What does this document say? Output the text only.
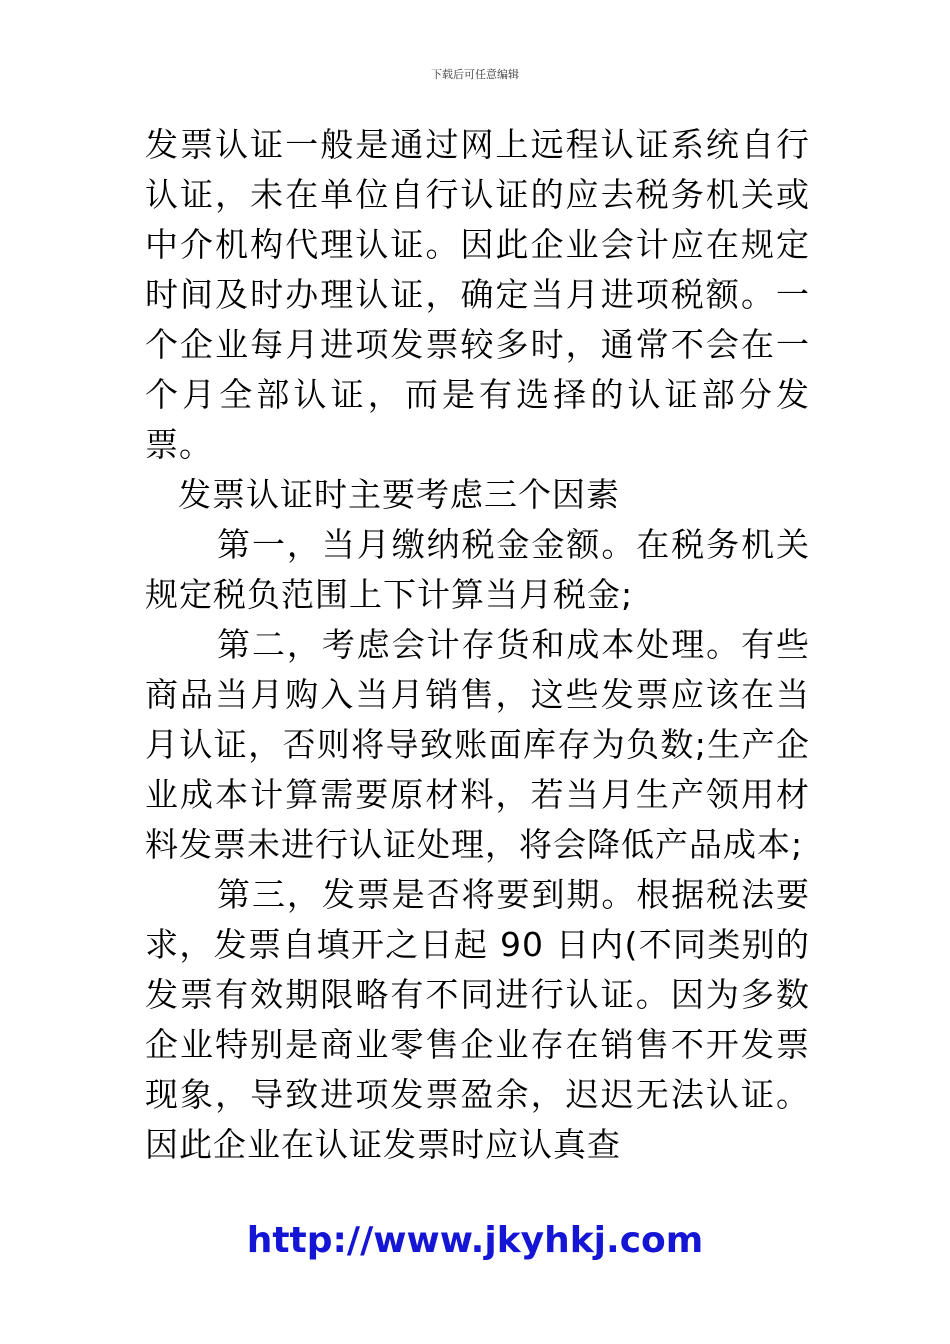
下载后可任意编辑

发票认证一般是通过网上远程认证系统自行认证，未在单位自行认证的应去税务机关或中介机构代理认证。因此企业会计应在规定时间及时办理认证，确定当月进项税额。一个企业每月进项发票较多时，通常不会在一个月全部认证，而是有选择的认证部分发票。

发票认证时主要考虑三个因素

第一，当月缴纳税金金额。在税务机关规定税负范围上下计算当月税金;

第二，考虑会计存货和成本处理。有些商品当月购入当月销售，这些发票应该在当月认证，否则将导致账面库存为负数;生产企业成本计算需要原材料，若当月生产领用材料发票未进行认证处理，将会降低产品成本;

第三，发票是否将要到期。根据税法要求，发票自填开之日起 90 日内(不同类别的发票有效期限略有不同进行认证。因为多数企业特别是商业零售企业存在销售不开发票现象，导致进项发票盈余，迟迟无法认证。因此企业在认证发票时应认真查

http://www.jkyhkj.com
